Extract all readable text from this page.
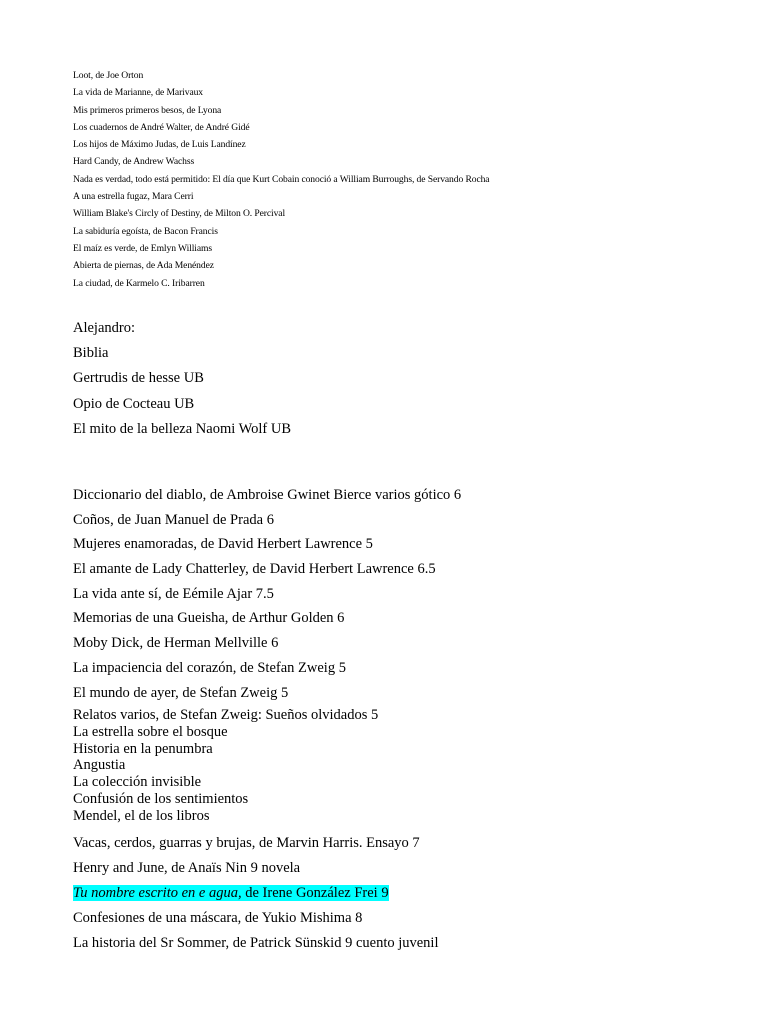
Loot, de Joe Orton
La vida de Marianne, de Marivaux
Mis primeros primeros besos, de Lyona
Los cuadernos de André Walter, de André Gidé
Los hijos de Máximo Judas, de Luis Landínez
Hard Candy, de Andrew Wachss
Nada es verdad, todo está permitido: El día que Kurt Cobain conoció a William Burroughs, de Servando Rocha
A una estrella fugaz, Mara Cerri
William Blake's Circly of Destiny, de Milton O. Percival
La sabiduría egoísta, de Bacon Francis
El maíz es verde, de Emlyn Williams
Abierta de piernas, de Ada Menéndez
La ciudad, de Karmelo C. Iribarren
Alejandro:
Biblia
Gertrudis de hesse UB
Opio de Cocteau UB
El mito de la belleza Naomi Wolf UB
Diccionario del diablo, de Ambroise Gwinet Bierce varios gótico 6
Coños, de Juan Manuel de Prada 6
Mujeres enamoradas, de David Herbert Lawrence 5
El amante de Lady Chatterley, de David Herbert Lawrence 6.5
La vida ante sí, de Eémile Ajar 7.5
Memorias de una Gueisha, de Arthur Golden 6
Moby Dick, de Herman Mellville 6
La impaciencia del corazón, de Stefan Zweig 5
El mundo de ayer, de Stefan Zweig 5
Relatos varios, de Stefan Zweig: Sueños olvidados 5
La estrella sobre el bosque
Historia en la penumbra
Angustia
La colección invisible
Confusión de los sentimientos
Mendel, el de los libros
Vacas, cerdos, guarras y brujas, de Marvin Harris. Ensayo 7
Henry and June, de Anaïs Nin 9 novela
Tu nombre escrito en e agua, de Irene González Frei 9
Confesiones de una máscara, de Yukio Mishima 8
La historia del Sr Sommer, de Patrick Sünskid 9 cuento juvenil
